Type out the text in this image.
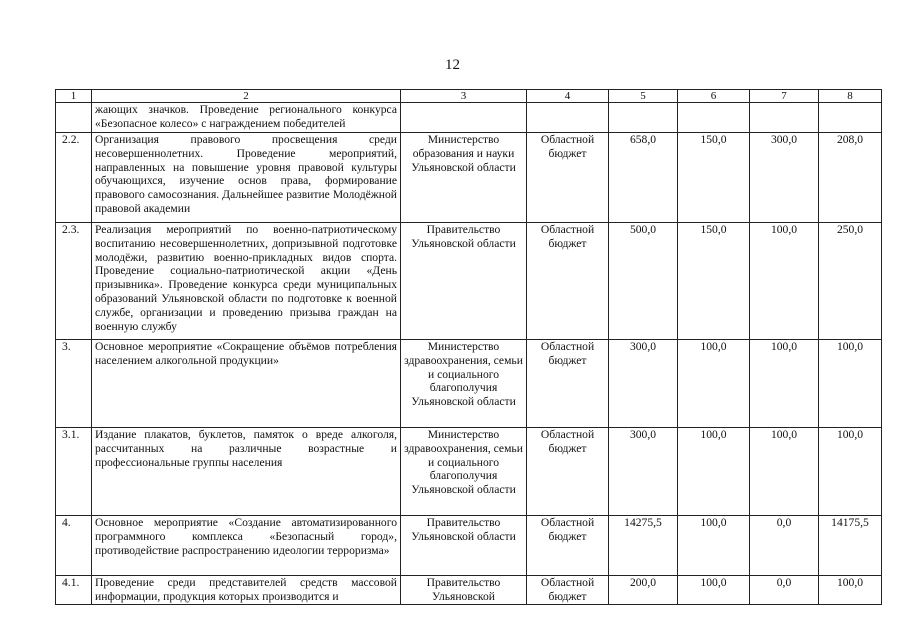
12
1	2	3	4	5	6	7	8
	жающих значков. Проведение регионального конкурса «Безопасное колесо» с награждением победителей						
2.2.	Организация правового просвещения среди несовершеннолетних. Проведение мероприятий, направленных на повышение уровня правовой культуры обучающихся, изучение основ права, формирование правового самосознания. Дальнейшее развитие Молодёжной правовой академии	Министерство образования и науки Ульяновской области	Областной бюджет	658,0	150,0	300,0	208,0
2.3.	Реализация мероприятий по военно-патриотическому воспитанию несовершеннолетних, допризывной подготовке молодёжи, развитию военно-прикладных видов спорта. Проведение социально-патриотической акции «День призывника». Проведение конкурса среди муниципальных образований Ульяновской области по подготовке к военной службе, организации и проведению призыва граждан на военную службу	Правительство Ульяновской области	Областной бюджет	500,0	150,0	100,0	250,0
3.	Основное мероприятие «Сокращение объёмов потребления населением алкогольной продукции»	Министерство здравоохранения, семьи и социального благополучия Ульяновской области	Областной бюджет	300,0	100,0	100,0	100,0
3.1.	Издание плакатов, буклетов, памяток о вреде алкоголя, рассчитанных на различные возрастные и профессиональные группы населения	Министерство здравоохранения, семьи и социального благополучия Ульяновской области	Областной бюджет	300,0	100,0	100,0	100,0
4.	Основное мероприятие «Создание автоматизированного программного комплекса «Безопасный город», противодействие распространению идеологии терроризма»	Правительство Ульяновской области	Областной бюджет	14275,5	100,0	0,0	14175,5
4.1.	Проведение среди представителей средств массовой информации, продукция которых производится и	Правительство Ульяновской	Областной бюджет	200,0	100,0	0,0	100,0
